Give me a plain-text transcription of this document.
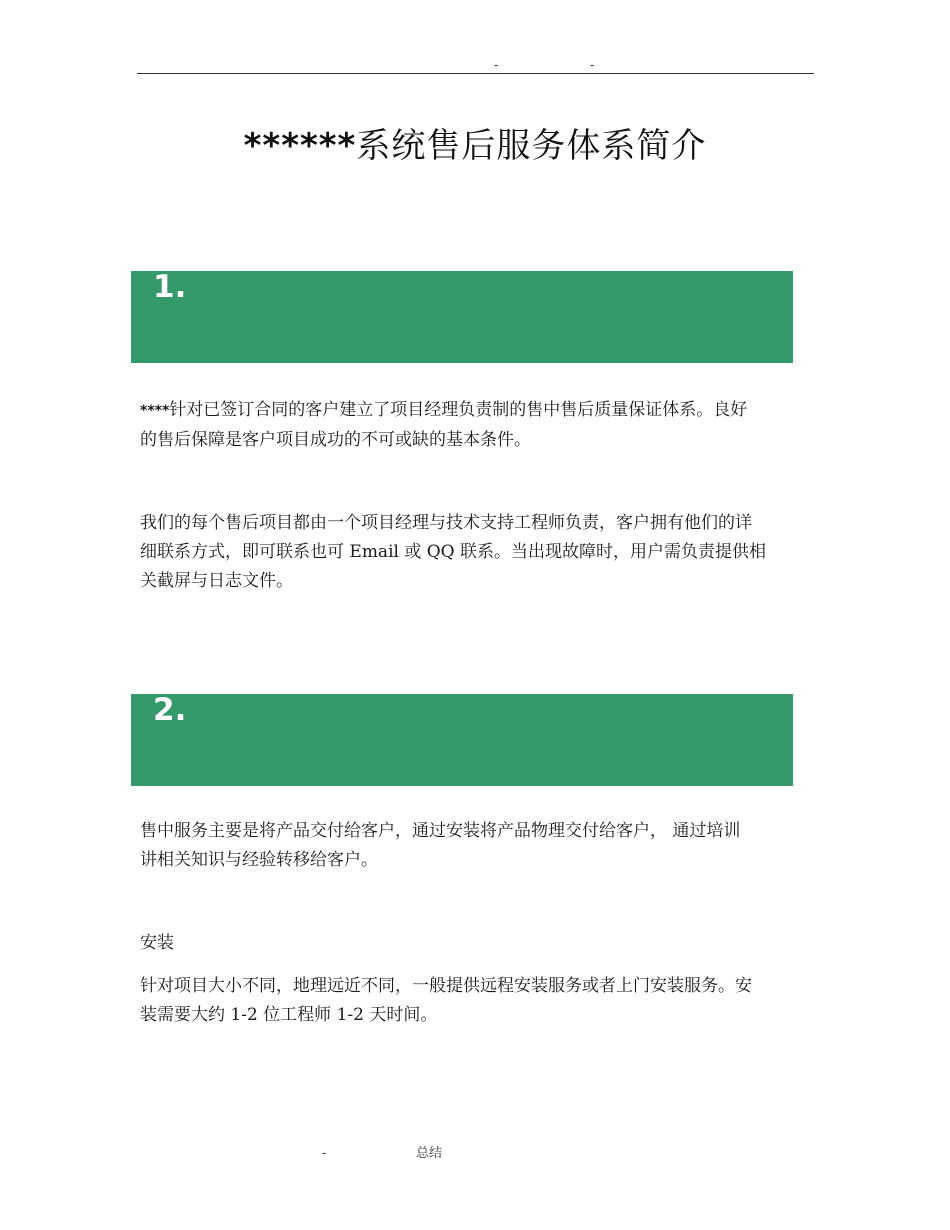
-	-
******系统售后服务体系简介
1.
****针对已签订合同的客户建立了项目经理负责制的售中售后质量保证体系。良好
的售后保障是客户项目成功的不可或缺的基本条件。
我们的每个售后项目都由一个项目经理与技术支持工程师负责，客户拥有他们的详
细联系方式，即可联系也可 Email 或 QQ 联系。当出现故障时，用户需负责提供相
关截屏与日志文件。
2.
售中服务主要是将产品交付给客户，通过安装将产品物理交付给客户， 通过培训
讲相关知识与经验转移给客户。
安装
针对项目大小不同，地理远近不同，一般提供远程安装服务或者上门安装服务。安
装需要大约 1-2 位工程师 1-2 天时间。
-	总结
